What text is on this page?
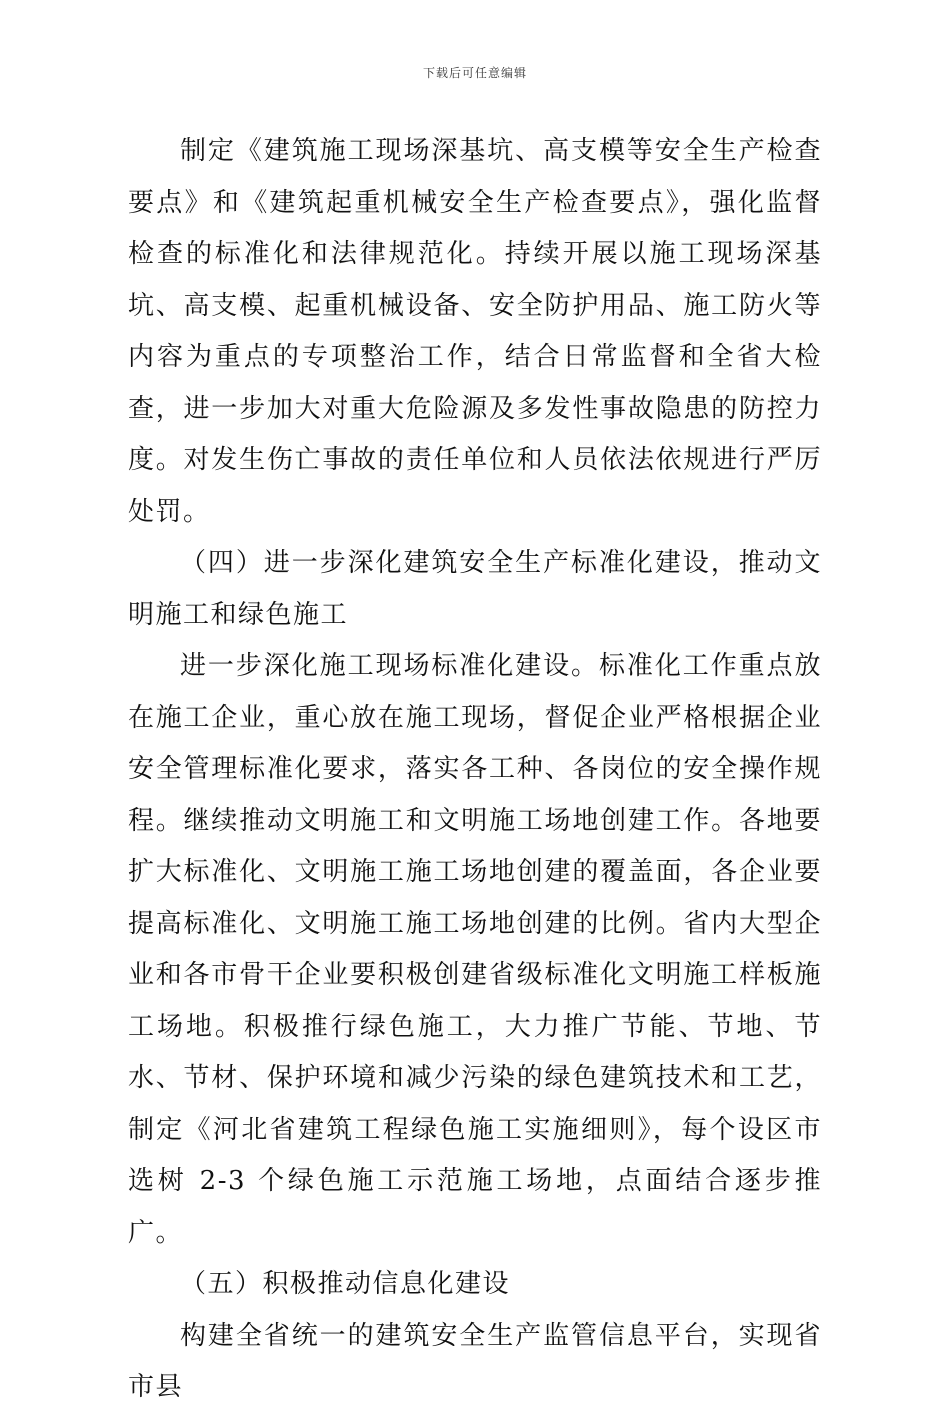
下载后可任意编辑

制定《建筑施工现场深基坑、高支模等安全生产检查要点》和《建筑起重机械安全生产检查要点》，强化监督检查的标准化和法律规范化。持续开展以施工现场深基坑、高支模、起重机械设备、安全防护用品、施工防火等内容为重点的专项整治工作，结合日常监督和全省大检查，进一步加大对重大危险源及多发性事故隐患的防控力度。对发生伤亡事故的责任单位和人员依法依规进行严厉处罚。

（四）进一步深化建筑安全生产标准化建设，推动文明施工和绿色施工

进一步深化施工现场标准化建设。标准化工作重点放在施工企业，重心放在施工现场，督促企业严格根据企业安全管理标准化要求，落实各工种、各岗位的安全操作规程。继续推动文明施工和文明施工场地创建工作。各地要扩大标准化、文明施工施工场地创建的覆盖面，各企业要提高标准化、文明施工施工场地创建的比例。省内大型企业和各市骨干企业要积极创建省级标准化文明施工样板施工场地。积极推行绿色施工，大力推广节能、节地、节水、节材、保护环境和减少污染的绿色建筑技术和工艺，制定《河北省建筑工程绿色施工实施细则》，每个设区市选树 2-3 个绿色施工示范施工场地，点面结合逐步推广。

（五）积极推动信息化建设

构建全省统一的建筑安全生产监管信息平台，实现省市县
